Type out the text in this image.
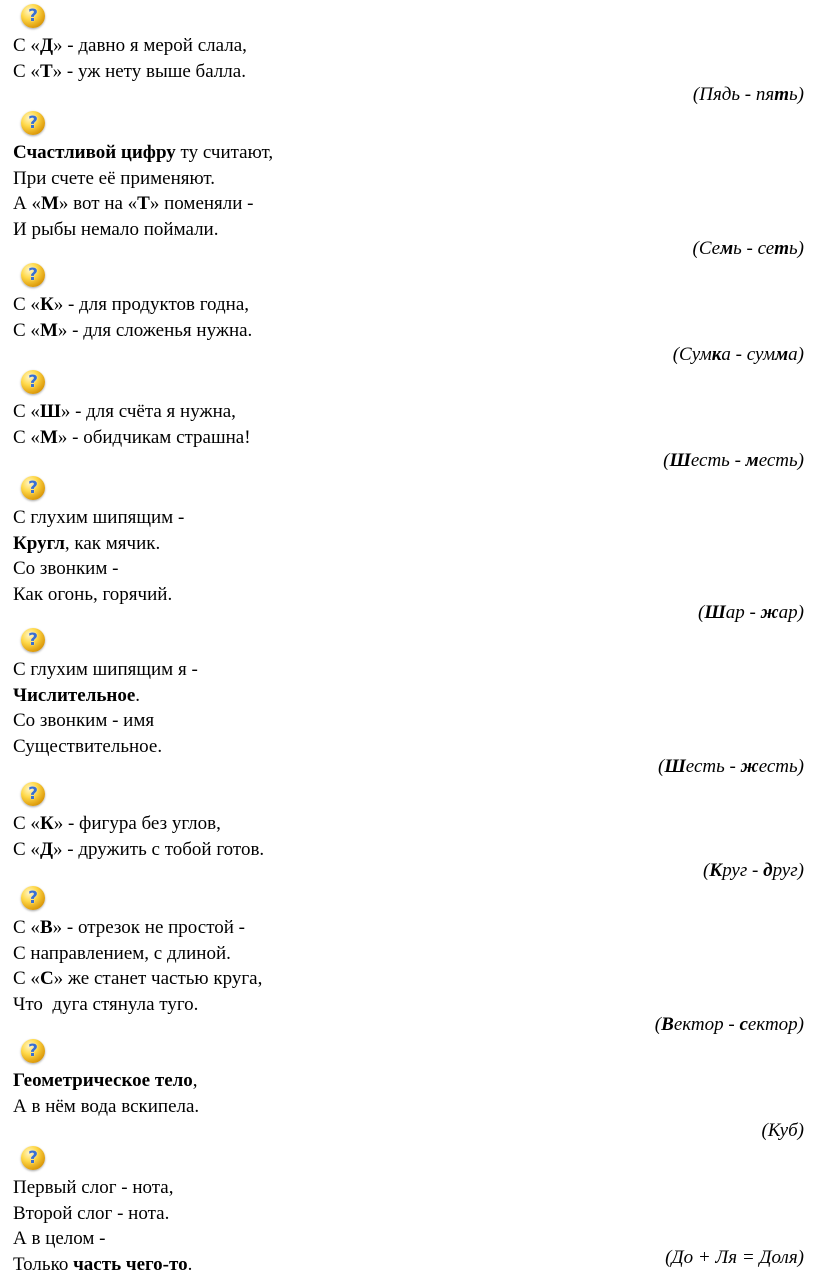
?
С «Д» - давно я мерой слала,
С «Т» - уж нету выше балла.
(Пядь - пять)
?
Счастливой цифру ту считают,
При счете её применяют.
А «М» вот на «Т» поменяли -
И рыбы немало поймали.
(Семь - сеть)
?
С «К» - для продуктов годна,
С «М» - для сложенья нужна.
(Сумка - сумма)
?
С «Ш» - для счёта я нужна,
С «М» - обидчикам страшна!
(Шесть - месть)
?
С глухим шипящим -
Кругл, как мячик.
Со звонким -
Как огонь, горячий.
(Шар - жар)
?
С глухим шипящим я -
Числительное.
Со звонким - имя
Существительное.
(Шесть - жесть)
?
С «К» - фигура без углов,
С «Д» - дружить с тобой готов.
(Круг - друг)
?
С «В» - отрезок не простой -
С направлением, с длиной.
С «С» же станет частью круга,
Что  дуга стянула туго.
(Вектор - сектор)
?
Геометрическое тело,
А в нём вода вскипела.
(Куб)
?
Первый слог - нота,
Второй слог - нота.
А в целом -
Только часть чего-то.	(До + Ля = Доля)
